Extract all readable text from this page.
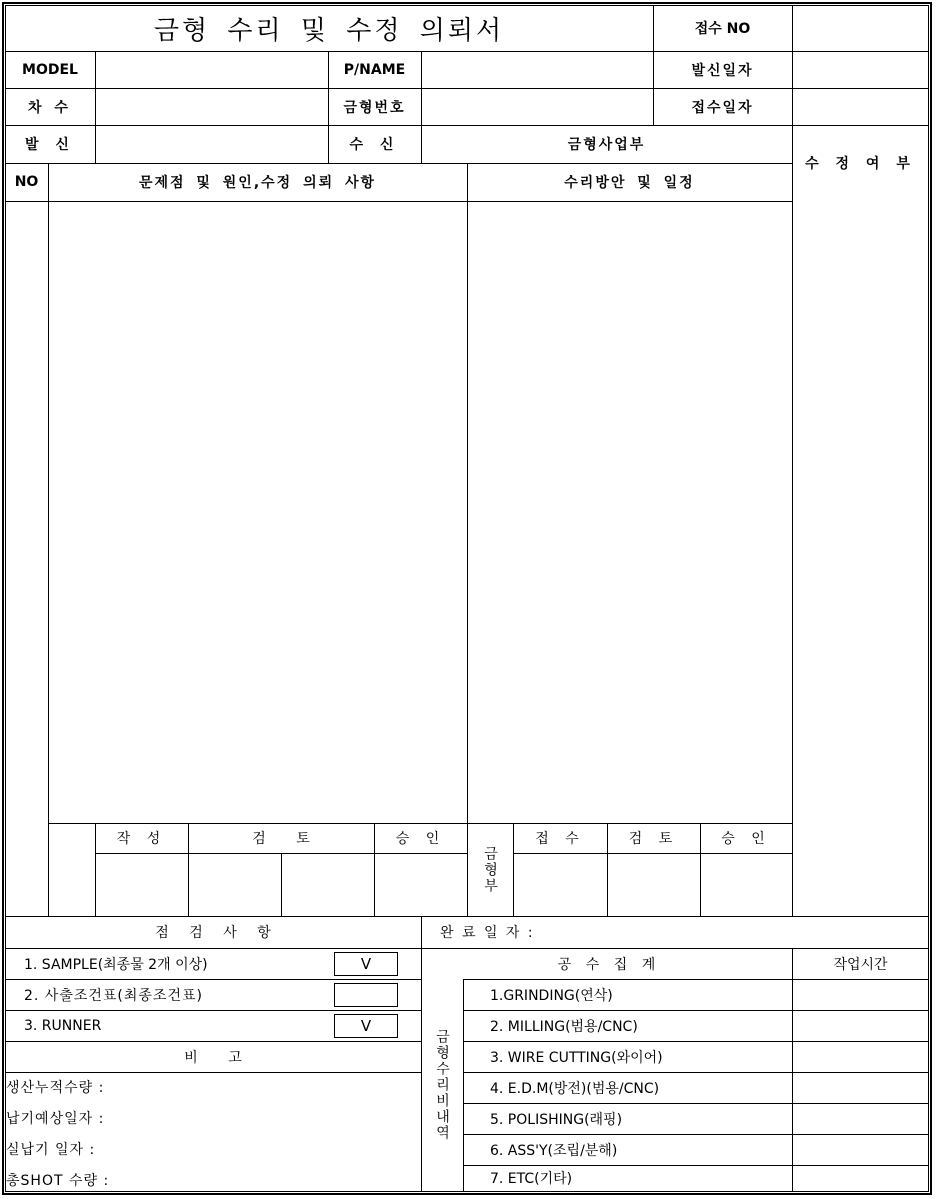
금형 수리 및 수정 의뢰서	접수 NO
MODEL	P/NAME	발신일자
차 수	금형번호	접수일자
발 신	수 신	금형사업부
수 정 여 부
NO	문제점 및 원인,수정 의뢰 사항	수리방안 및 일정
작 성	검 토	승 인
금형부
접 수	검 토	승 인
점 검 사 항
1. SAMPLE(최종물 2개 이상)	V
2. 사출조건표(최종조건표)
3. RUNNER	V
비 고
생산누적수량 :
납기예상일자 :
실납기 일자 :
총SHOT 수량 :
완 료 일 자 :
공 수 집 계	작업시간
금형수리비내역
1.GRINDING(연삭)
2. MILLING(범용/CNC)
3. WIRE CUTTING(와이어)
4. E.D.M(방전)(범용/CNC)
5. POLISHING(래핑)
6. ASS'Y(조립/분해)
7. ETC(기타)
